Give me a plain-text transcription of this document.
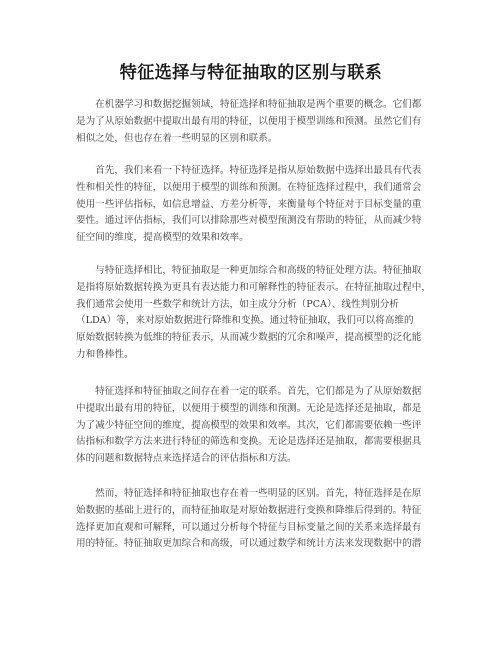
特征选择与特征抽取的区别与联系
　　在机器学习和数据挖掘领域，特征选择和特征抽取是两个重要的概念。它们都
是为了从原始数据中提取出最有用的特征，以便用于模型训练和预测。虽然它们有
相似之处，但也存在着一些明显的区别和联系。
　　首先，我们来看一下特征选择。特征选择是指从原始数据中选择出最具有代表
性和相关性的特征，以便用于模型的训练和预测。在特征选择过程中，我们通常会
使用一些评估指标，如信息增益、方差分析等，来衡量每个特征对于目标变量的重
要性。通过评估指标，我们可以排除那些对模型预测没有帮助的特征，从而减少特
征空间的维度，提高模型的效果和效率。
　　与特征选择相比，特征抽取是一种更加综合和高级的特征处理方法。特征抽取
是指将原始数据转换为更具有表达能力和可解释性的特征表示。在特征抽取过程中，
我们通常会使用一些数学和统计方法，如主成分分析（PCA）、线性判别分析
（LDA）等，来对原始数据进行降维和变换。通过特征抽取，我们可以将高维的
原始数据转换为低维的特征表示，从而减少数据的冗余和噪声，提高模型的泛化能
力和鲁棒性。
　　特征选择和特征抽取之间存在着一定的联系。首先，它们都是为了从原始数据
中提取出最有用的特征，以便用于模型的训练和预测。无论是选择还是抽取，都是
为了减少特征空间的维度，提高模型的效果和效率。其次，它们都需要依赖一些评
估指标和数学方法来进行特征的筛选和变换。无论是选择还是抽取，都需要根据具
体的问题和数据特点来选择适合的评估指标和方法。
　　然而，特征选择和特征抽取也存在着一些明显的区别。首先，特征选择是在原
始数据的基础上进行的，而特征抽取是对原始数据进行变换和降维后得到的。特征
选择更加直观和可解释，可以通过分析每个特征与目标变量之间的关系来选择最有
用的特征。特征抽取更加综合和高级，可以通过数学和统计方法来发现数据中的潜
